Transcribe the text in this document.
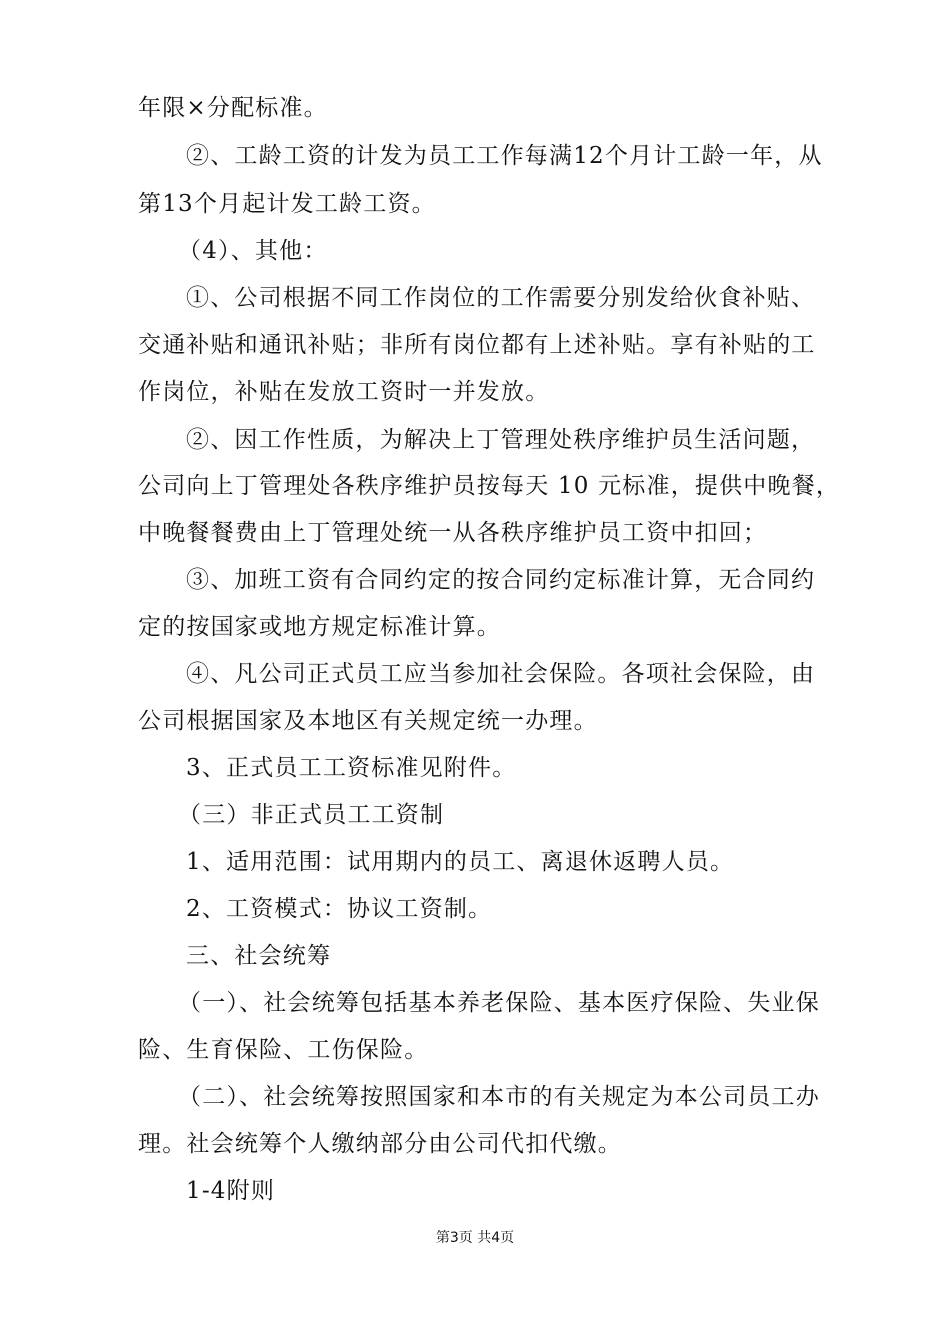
年限×分配标准。
②、工龄工资的计发为员工工作每满12个月计工龄一年，从
第13个月起计发工龄工资。
（4）、其他：
①、公司根据不同工作岗位的工作需要分别发给伙食补贴、
交通补贴和通讯补贴；非所有岗位都有上述补贴。享有补贴的工
作岗位，补贴在发放工资时一并发放。
②、因工作性质，为解决上丁管理处秩序维护员生活问题，
公司向上丁管理处各秩序维护员按每天 10 元标准，提供中晚餐，
中晚餐餐费由上丁管理处统一从各秩序维护员工资中扣回；
③、加班工资有合同约定的按合同约定标准计算，无合同约
定的按国家或地方规定标准计算。
④、凡公司正式员工应当参加社会保险。各项社会保险，由
公司根据国家及本地区有关规定统一办理。
3、正式员工工资标准见附件。
（三）非正式员工工资制
1、适用范围：试用期内的员工、离退休返聘人员。
2、工资模式：协议工资制。
三、社会统筹
（一）、社会统筹包括基本养老保险、基本医疗保险、失业保
险、生育保险、工伤保险。
（二）、社会统筹按照国家和本市的有关规定为本公司员工办
理。社会统筹个人缴纳部分由公司代扣代缴。
1-4附则
第3页 共4页
